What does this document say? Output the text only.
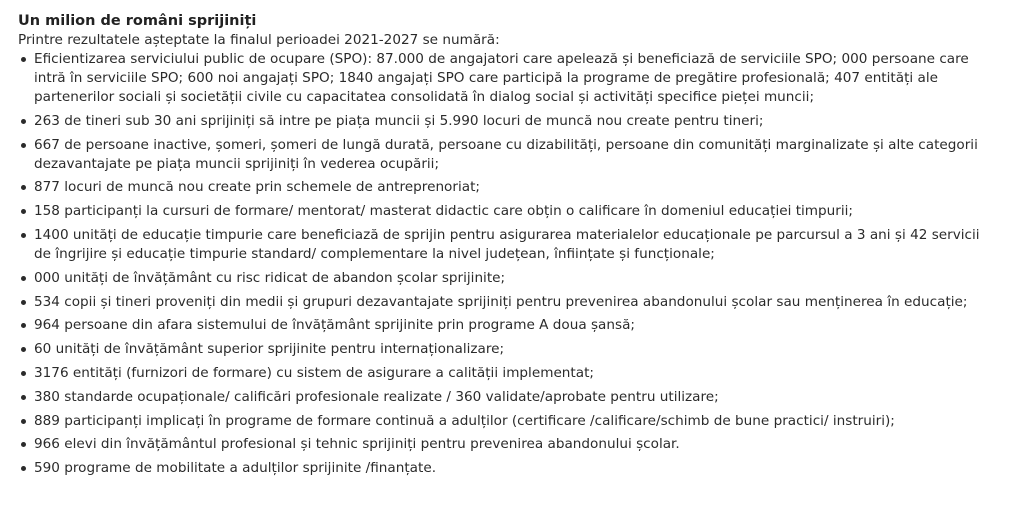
Un milion de români sprijiniți

Printre rezultatele așteptate la finalul perioadei 2021-2027 se numără:

Eficientizarea serviciului public de ocupare (SPO): 87.000 de angajatori care apelează și beneficiază de serviciile SPO; 000 persoane care intră în serviciile SPO; 600 noi angajați SPO; 1840 angajați SPO care participă la programe de pregătire profesională; 407 entități ale partenerilor sociali și societății civile cu capacitatea consolidată în dialog social și activități specifice pieței muncii;
263 de tineri sub 30 ani sprijiniți să intre pe piața muncii și 5.990 locuri de muncă nou create pentru tineri;
667 de persoane inactive, șomeri, șomeri de lungă durată, persoane cu dizabilități, persoane din comunități marginalizate și alte categorii dezavantajate pe piața muncii sprijiniți în vederea ocupării;
877 locuri de muncă nou create prin schemele de antreprenoriat;
158 participanți la cursuri de formare/ mentorat/ masterat didactic care obțin o calificare în domeniul educației timpurii;
1400 unități de educație timpurie care beneficiază de sprijin pentru asigurarea materialelor educaționale pe parcursul a 3 ani și 42 servicii de îngrijire și educație timpurie standard/ complementare la nivel județean, înființate și funcționale;
000 unități de învățământ cu risc ridicat de abandon școlar sprijinite;
534 copii și tineri proveniți din medii și grupuri dezavantajate sprijiniți pentru prevenirea abandonului școlar sau menținerea în educație;
964 persoane din afara sistemului de învățământ sprijinite prin programe A doua șansă;
60 unități de învățământ superior sprijinite pentru internaționalizare;
3176 entități (furnizori de formare) cu sistem de asigurare a calității implementat;
380 standarde ocupaționale/ calificări profesionale realizate / 360 validate/aprobate pentru utilizare;
889 participanți implicați în programe de formare continuă a adulților (certificare /calificare/schimb de bune practici/ instruiri);
966 elevi din învățământul profesional și tehnic sprijiniți pentru prevenirea abandonului școlar.
590 programe de mobilitate a adulților sprijinite /finanțate.
